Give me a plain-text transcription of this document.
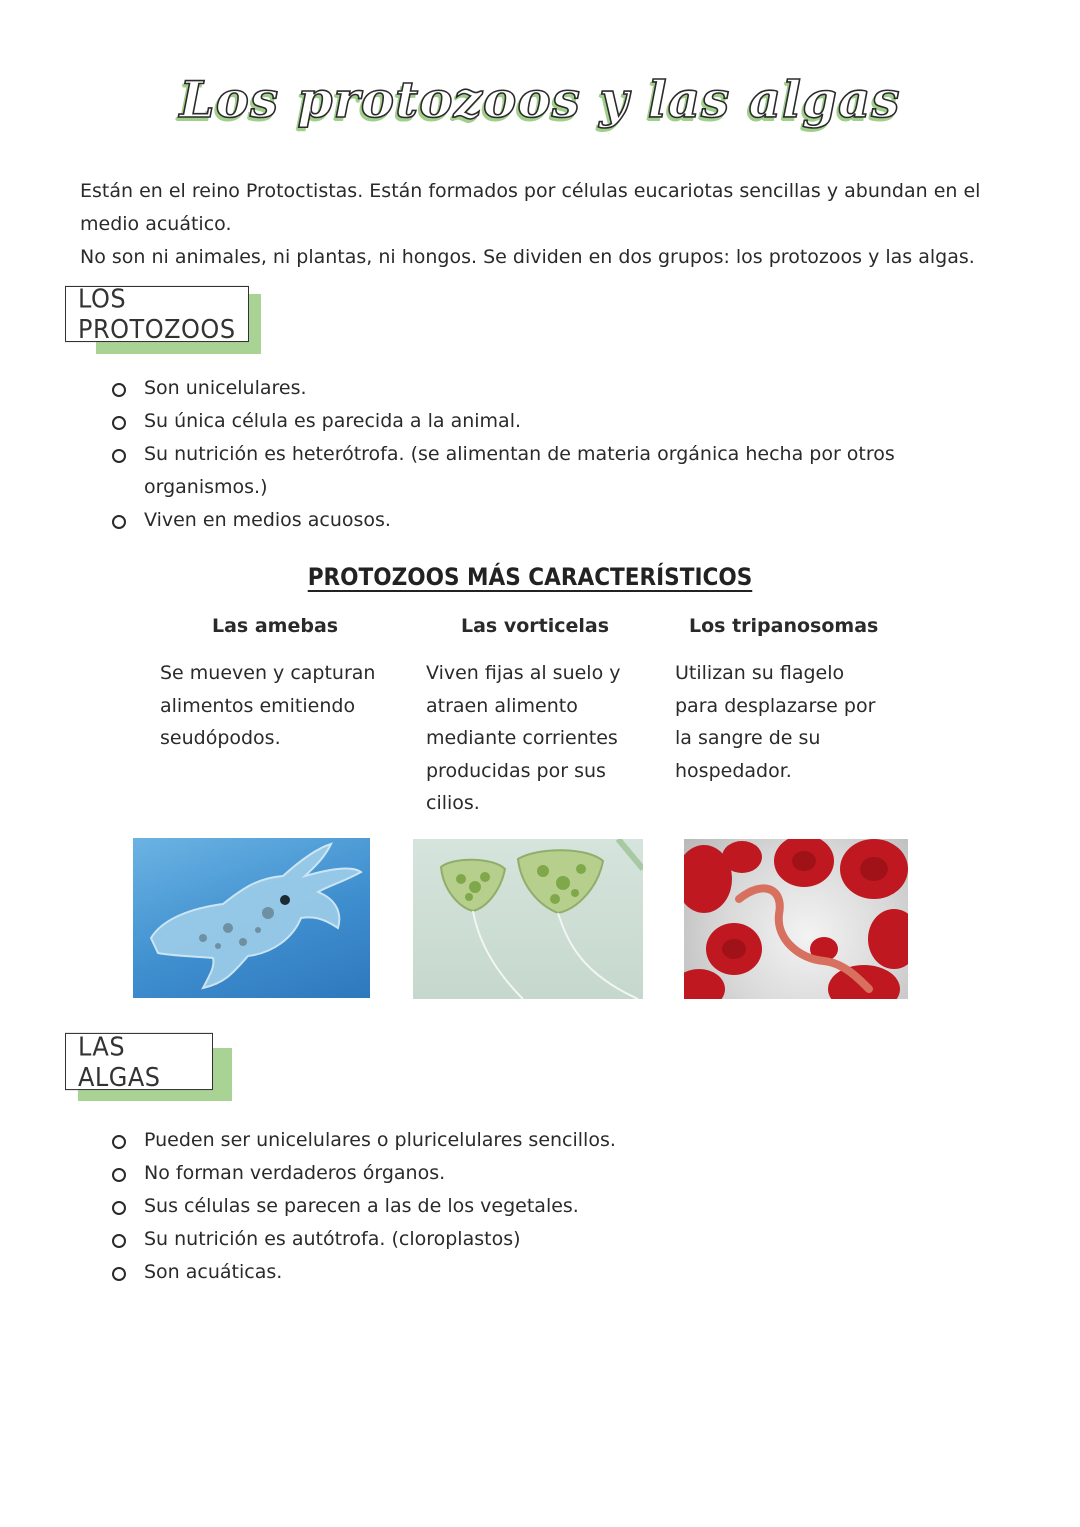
Los protozoos y las algas

Están en el reino Protoctistas. Están formados por células eucariotas sencillas y abundan en el medio acuático.

No son ni animales, ni plantas, ni hongos. Se dividen en dos grupos: los protozoos y las algas.

LOS PROTOZOOS
Son unicelulares.
Su única célula es parecida a la animal.
Su nutrición es heterótrofa. (se alimentan de materia orgánica hecha por otros organismos.)
Viven en medios acuosos.
PROTOZOOS MÁS CARACTERÍSTICOS
Las amebas

Se mueven y capturan alimentos emitiendo seudópodos.

Las vorticelas

Viven fijas al suelo y atraen alimento mediante corrientes producidas por sus cilios.

Los tripanosomas

Utilizan su flagelo para desplazarse por la sangre de su hospedador.

LAS ALGAS
Pueden ser unicelulares o pluricelulares sencillos.
No forman verdaderos órganos.
Sus células se parecen a las de los vegetales.
Su nutrición es autótrofa. (cloroplastos)
Son acuáticas.
